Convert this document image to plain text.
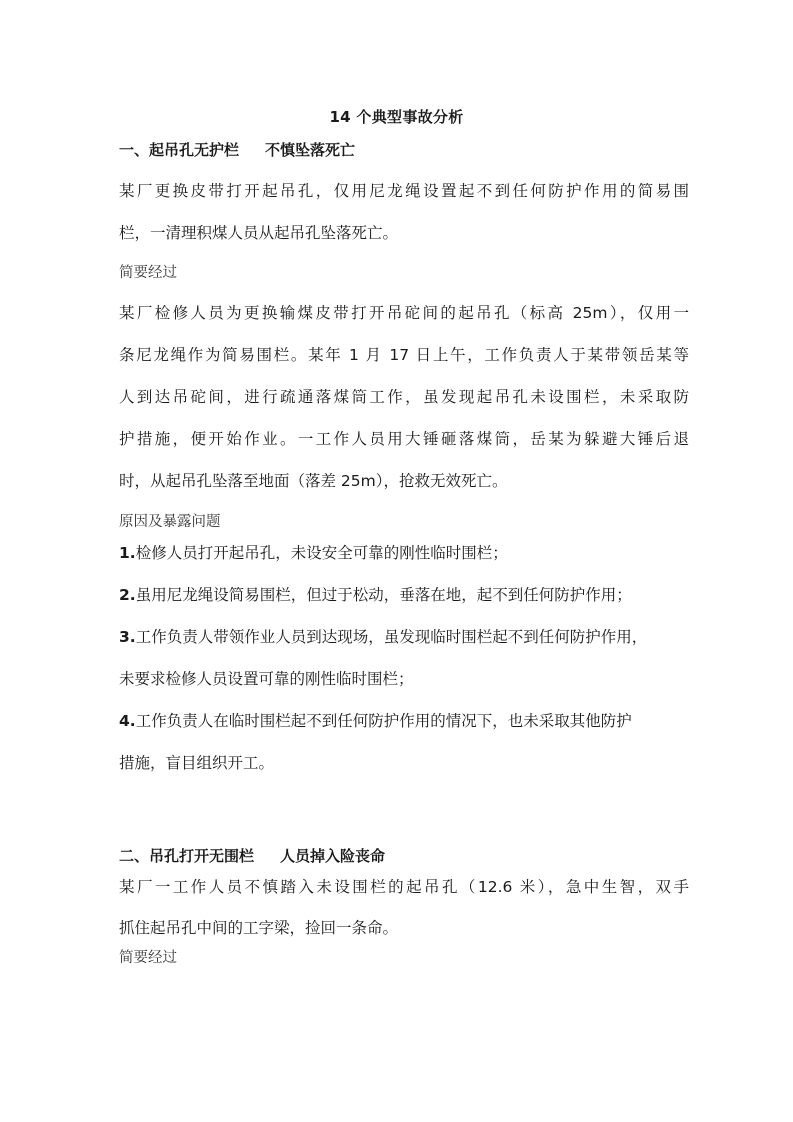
14 个典型事故分析
一、起吊孔无护栏 不慎坠落死亡
某厂更换皮带打开起吊孔，仅用尼龙绳设置起不到任何防护作用的简易围
栏，一清理积煤人员从起吊孔坠落死亡。
简要经过
某厂检修人员为更换输煤皮带打开吊砣间的起吊孔（标高 25m），仅用一
条尼龙绳作为简易围栏。某年 1 月 17 日上午，工作负责人于某带领岳某等
人到达吊砣间，进行疏通落煤筒工作，虽发现起吊孔未设围栏，未采取防
护措施，便开始作业。一工作人员用大锤砸落煤筒，岳某为躲避大锤后退
时，从起吊孔坠落至地面（落差 25m），抢救无效死亡。
原因及暴露问题
1.检修人员打开起吊孔，未设安全可靠的刚性临时围栏；
2.虽用尼龙绳设简易围栏，但过于松动，垂落在地，起不到任何防护作用；
3.工作负责人带领作业人员到达现场，虽发现临时围栏起不到任何防护作用，
未要求检修人员设置可靠的刚性临时围栏；
4.工作负责人在临时围栏起不到任何防护作用的情况下，也未采取其他防护
措施，盲目组织开工。
二、吊孔打开无围栏 人员掉入险丧命
某厂一工作人员不慎踏入未设围栏的起吊孔（12.6 米），急中生智，双手
抓住起吊孔中间的工字梁，捡回一条命。
简要经过
